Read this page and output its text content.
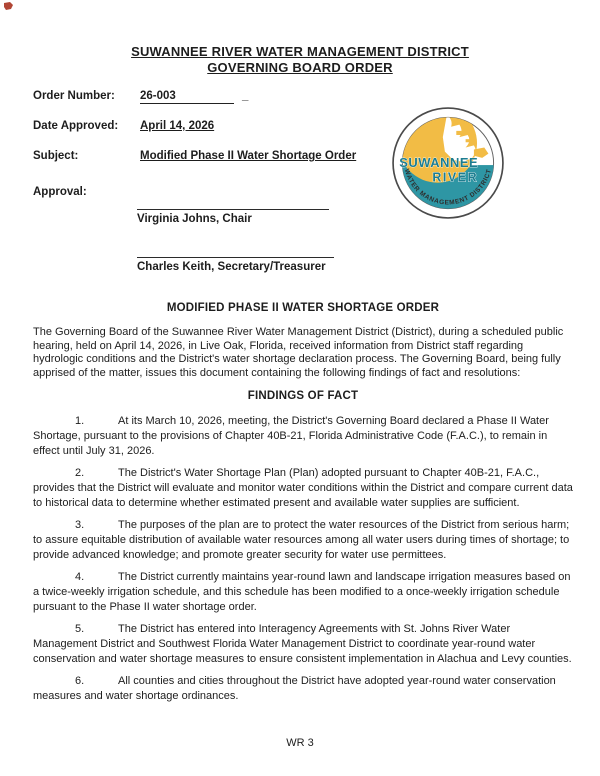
SUWANNEE RIVER WATER MANAGEMENT DISTRICT
GOVERNING BOARD ORDER
Order Number: 26-003	_
Date Approved: April 14, 2026
Subject:	Modified Phase II Water Shortage Order
Approval:
SUWANNEE
RIVER
WATER MANAGEMENT DISTRICT
Virginia Johns, Chair
Charles Keith, Secretary/Treasurer
MODIFIED PHASE II WATER SHORTAGE ORDER

The Governing Board of the Suwannee River Water Management District (District), during a scheduled public hearing, held on April 14, 2026, in Live Oak, Florida, received information from District staff regarding hydrologic conditions and the District's water shortage declaration process. The Governing Board, being fully apprised of the matter, issues this document containing the following findings of fact and resolutions:

FINDINGS OF FACT

1.	At its March 10, 2026, meeting, the District's Governing Board declared a Phase II Water Shortage, pursuant to the provisions of Chapter 40B-21, Florida Administrative Code (F.A.C.), to remain in effect until July 31, 2026.

2.	The District's Water Shortage Plan (Plan) adopted pursuant to Chapter 40B-21, F.A.C., provides that the District will evaluate and monitor water conditions within the District and compare current data to historical data to determine whether estimated present and available water supplies are sufficient.

3.	The purposes of the plan are to protect the water resources of the District from serious harm; to assure equitable distribution of available water resources among all water users during times of shortage; to provide advanced knowledge; and promote greater security for water use permittees.

4.	The District currently maintains year-round lawn and landscape irrigation measures based on a twice-weekly irrigation schedule, and this schedule has been modified to a once-weekly irrigation schedule pursuant to the Phase II water shortage order.

5.	The District has entered into Interagency Agreements with St. Johns River Water Management District and Southwest Florida Water Management District to coordinate year-round water conservation and water shortage measures to ensure consistent implementation in Alachua and Levy counties.

6.	All counties and cities throughout the District have adopted year-round water conservation measures and water shortage ordinances.

WR 3
